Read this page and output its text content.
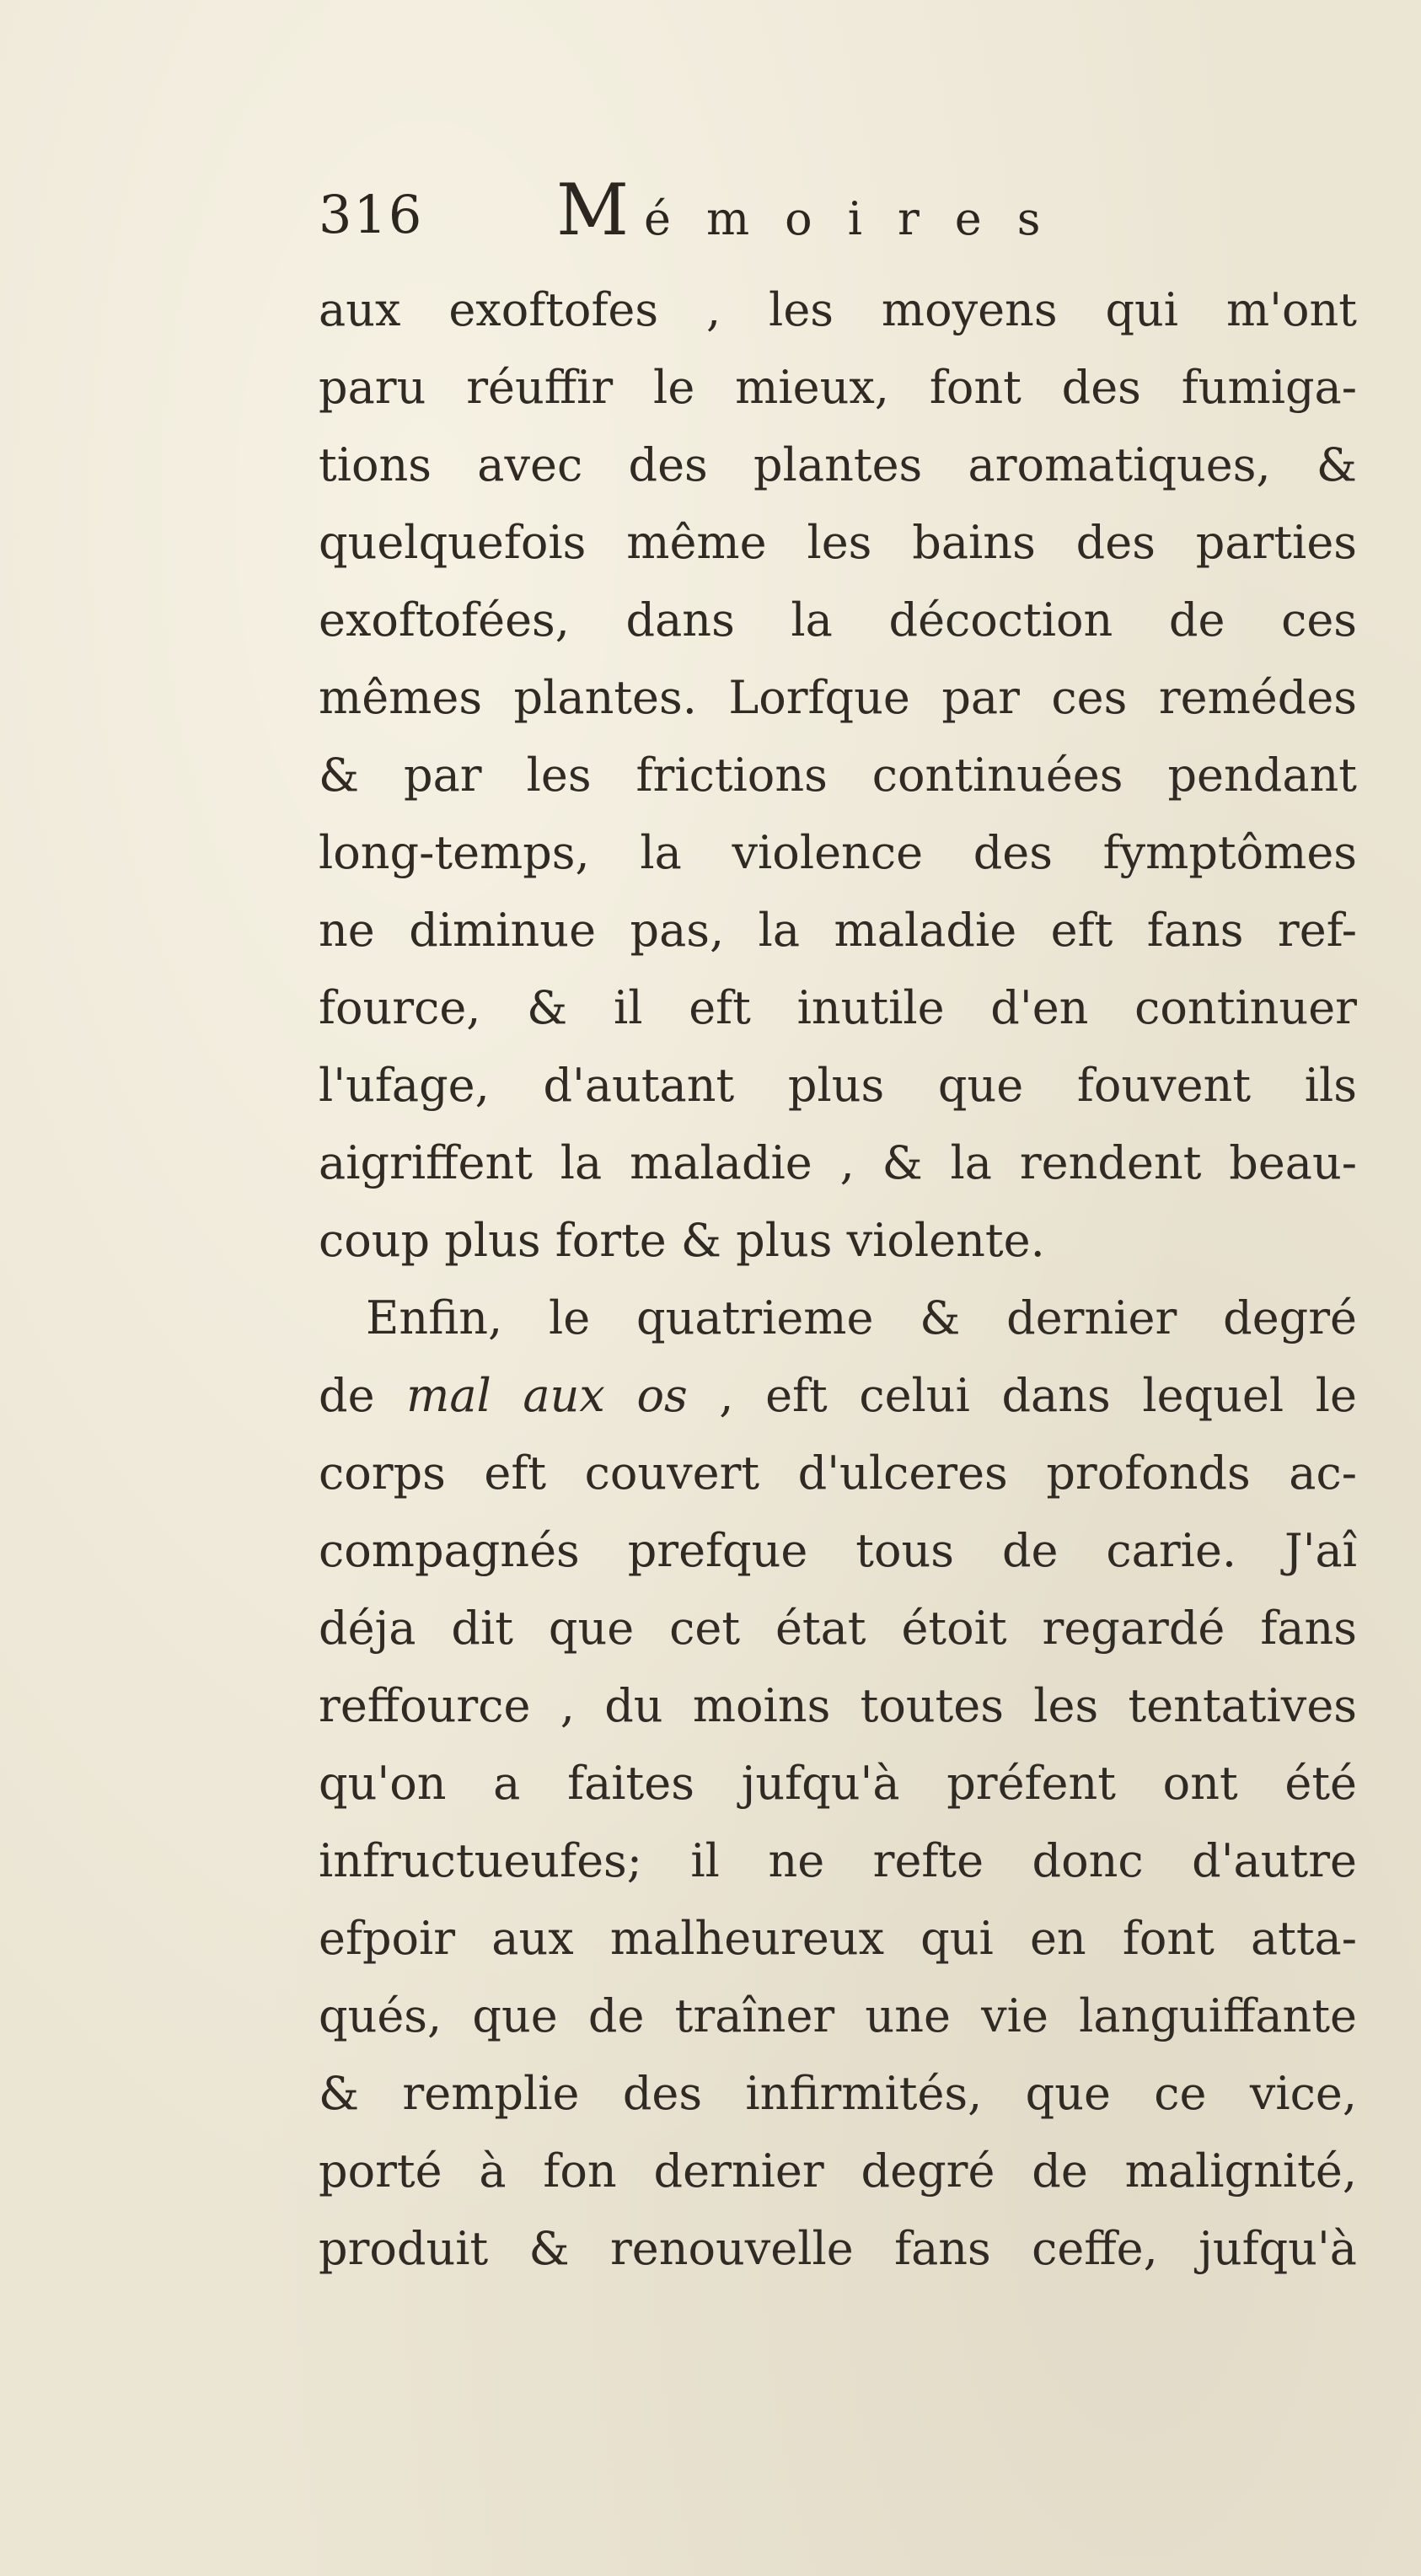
316 Mémoires
aux exoftofes , les moyens qui m'ont
paru réuffir le mieux, font des fumiga-
tions avec des plantes aromatiques, &
quelquefois même les bains des parties
exoftofées, dans la décoction de ces
mêmes plantes. Lorfque par ces remédes
& par les frictions continuées pendant
long-temps, la violence des fymptômes
ne diminue pas, la maladie eft fans ref-
fource, & il eft inutile d'en continuer
l'ufage, d'autant plus que fouvent ils
aigriffent la maladie , & la rendent beau-
coup plus forte & plus violente.
Enfin, le quatrieme & dernier degré
de mal aux os , eft celui dans lequel le
corps eft couvert d'ulceres profonds ac-
compagnés prefque tous de carie. J'aî
déja dit que cet état étoit regardé fans
reffource , du moins toutes les tentatives
qu'on a faites jufqu'à préfent ont été
infructueufes; il ne refte donc d'autre
efpoir aux malheureux qui en font atta-
qués, que de traîner une vie languiffante
& remplie des infirmités, que ce vice,
porté à fon dernier degré de malignité,
produit & renouvelle fans ceffe, jufqu'à
